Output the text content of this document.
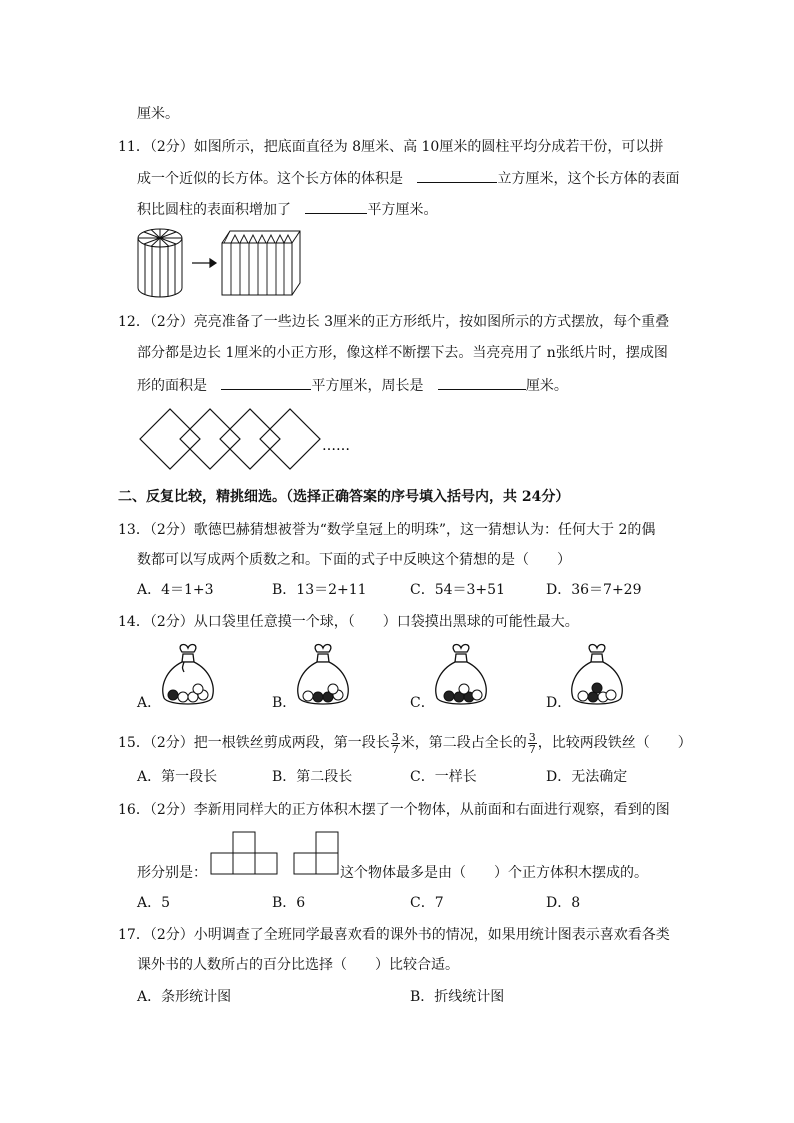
厘米。
11．（2分）如图所示，把底面直径为 8厘米、高 10厘米的圆柱平均分成若干份，可以拼
成一个近似的长方体。这个长方体的体积是	立方厘米，这个长方体的表面
积比圆柱的表面积增加了	平方厘米。
12．（2分）亮亮准备了一些边长 3厘米的正方形纸片，按如图所示的方式摆放，每个重叠
部分都是边长 1厘米的小正方形，像这样不断摆下去。当亮亮用了 n张纸片时，摆成图
形的面积是	平方厘米，周长是	厘米。
……
二、反复比较，精挑细选。（选择正确答案的序号填入括号内，共 24分）
13．（2分）歌德巴赫猜想被誉为“数学皇冠上的明珠”，这一猜想认为：任何大于 2的偶
数都可以写成两个质数之和。下面的式子中反映这个猜想的是（　　）
A．4＝1+3	B．13＝2+11	C．54＝3+51	D．36＝7+29
14．（2分）从口袋里任意摸一个球，（　　）口袋摸出黑球的可能性最大。
A．	B．	C．	D．
15．（2分）把一根铁丝剪成两段，第一段长 $\frac{3}{7}$ 米，第二段占全长的 $\frac{3}{7}$ ，比较两段铁丝（　　）
A．第一段长	B．第二段长	C．一样长	D．无法确定
16．（2分）李新用同样大的正方体积木摆了一个物体，从前面和右面进行观察，看到的图
形分别是：	这个物体最多是由（　　）个正方体积木摆成的。
A．5	B．6	C．7	D．8
17．（2分）小明调查了全班同学最喜欢看的课外书的情况，如果用统计图表示喜欢看各类
课外书的人数所占的百分比选择（　　）比较合适。
A．条形统计图	B．折线统计图
